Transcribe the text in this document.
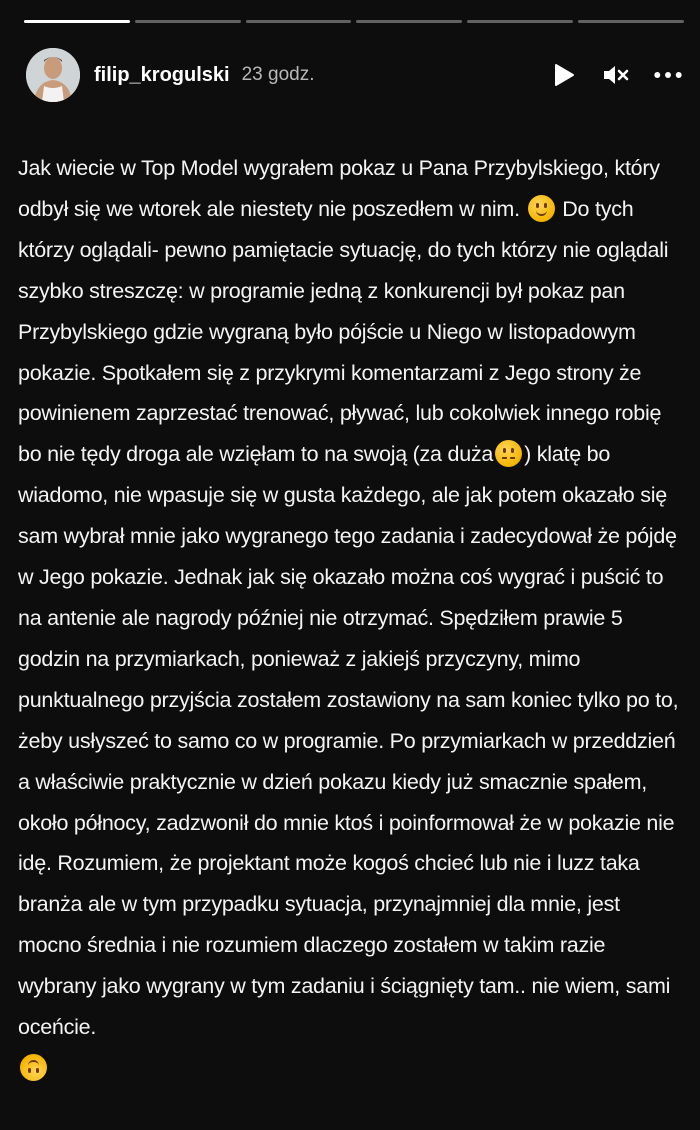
filip_krogulski 23 godz.

Jak wiecie w Top Model wygrałem pokaz u Pana Przybylskiego, który odbył się we wtorek ale niestety nie poszedłem w nim. Do tych którzy oglądali- pewno pamiętacie sytuację, do tych którzy nie oglądali szybko streszczę: w programie jedną z konkurencji był pokaz pan Przybylskiego gdzie wygraną było pójście u Niego w listopadowym pokazie. Spotkałem się z przykrymi komentarzami z Jego strony że powinienem zaprzestać trenować, pływać, lub cokolwiek innego robię bo nie tędy droga ale wzięłam to na swoją (za duża ) klatę bo wiadomo, nie wpasuje się w gusta każdego, ale jak potem okazało się sam wybrał mnie jako wygranego tego zadania i zadecydował że pójdę w Jego pokazie. Jednak jak się okazało można coś wygrać i puścić to na antenie ale nagrody później nie otrzymać. Spędziłem prawie 5 godzin na przymiarkach, ponieważ z jakiejś przyczyny, mimo punktualnego przyjścia zostałem zostawiony na sam koniec tylko po to, żeby usłyszeć to samo co w programie. Po przymiarkach w przeddzień a właściwie praktycznie w dzień pokazu kiedy już smacznie spałem, około północy, zadzwonił do mnie ktoś i poinformował że w pokazie nie idę. Rozumiem, że projektant może kogoś chcieć lub nie i luzz taka branża ale w tym przypadku sytuacja, przynajmniej dla mnie, jest mocno średnia i nie rozumiem dlaczego zostałem w takim razie wybrany jako wygrany w tym zadaniu i ściągnięty tam.. nie wiem, sami oceńcie.
